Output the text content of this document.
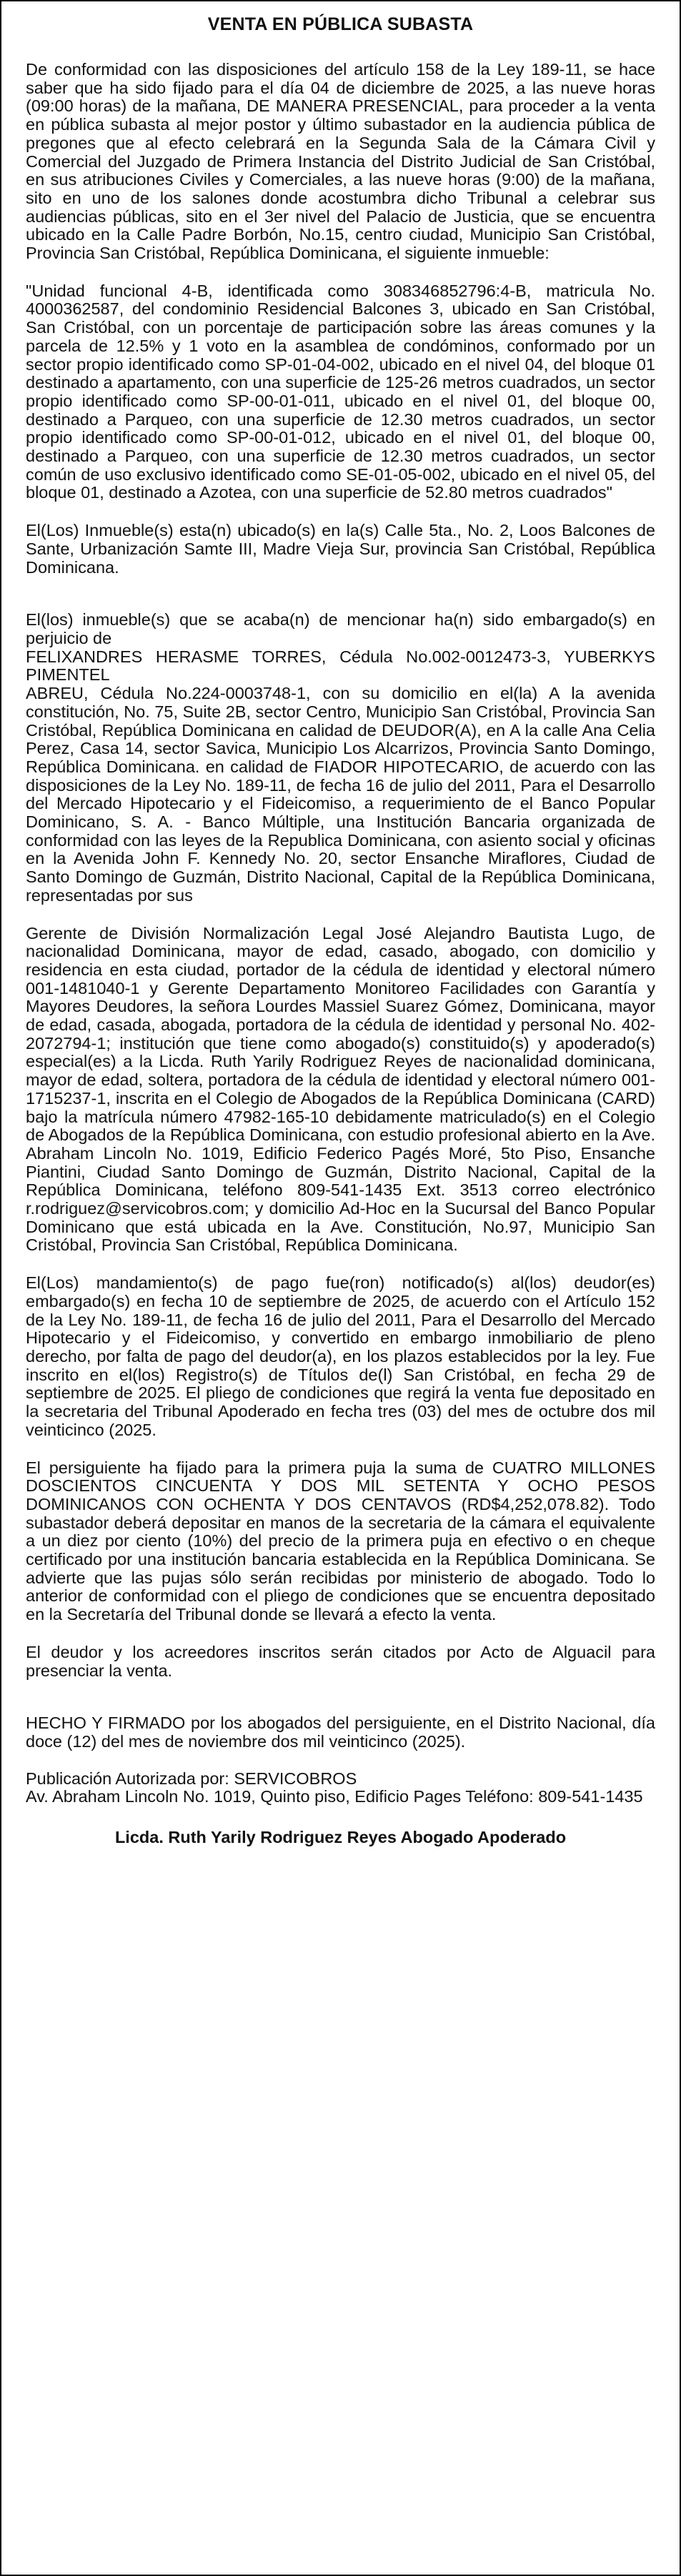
VENTA EN PÚBLICA SUBASTA

De conformidad con las disposiciones del artículo 158 de la Ley 189-11, se hace saber que ha sido fijado para el día 04 de diciembre de 2025, a las nueve horas (09:00 horas) de la mañana, DE MANERA PRESENCIAL, para proceder a la venta en pública subasta al mejor postor y último subastador en la audiencia pública de pregones que al efecto celebrará en la Segunda Sala de la Cámara Civil y Comercial del Juzgado de Primera Instancia del Distrito Judicial de San Cristóbal, en sus atribuciones Civiles y Comerciales, a las nueve horas (9:00) de la mañana, sito en uno de los salones donde acostumbra dicho Tribunal a celebrar sus audiencias públicas, sito en el 3er nivel del Palacio de Justicia, que se encuentra ubicado en la Calle Padre Borbón, No.15, centro ciudad, Municipio San Cristóbal, Provincia San Cristóbal, República Dominicana, el siguiente inmueble:

"Unidad funcional 4-B, identificada como 308346852796:4-B, matricula No. 4000362587, del condominio Residencial Balcones 3, ubicado en San Cristóbal, San Cristóbal, con un porcentaje de participación sobre las áreas comunes y la parcela de 12.5% y 1 voto en la asamblea de condóminos, conformado por un sector propio identificado como SP-01-04-002, ubicado en el nivel 04, del bloque 01 destinado a apartamento, con una superficie de 125-26 metros cuadrados, un sector propio identificado como SP-00-01-011, ubicado en el nivel 01, del bloque 00, destinado a Parqueo, con una superficie de 12.30 metros cuadrados, un sector propio identificado como SP-00-01-012, ubicado en el nivel 01, del bloque 00, destinado a Parqueo, con una superficie de 12.30 metros cuadrados, un sector común de uso exclusivo identificado como SE-01-05-002, ubicado en el nivel 05, del bloque 01, destinado a Azotea, con una superficie de 52.80 metros cuadrados"

El(Los) Inmueble(s) esta(n) ubicado(s) en la(s) Calle 5ta., No. 2, Loos Balcones de Sante, Urbanización Samte III, Madre Vieja Sur, provincia San Cristóbal, República Dominicana.

El(los) inmueble(s) que se acaba(n) de mencionar ha(n) sido embargado(s) en perjuicio de
FELIXANDRES HERASME TORRES, Cédula No.002-0012473-3, YUBERKYS PIMENTEL
ABREU, Cédula No.224-0003748-1, con su domicilio en el(la) A la avenida constitución, No. 75, Suite 2B, sector Centro, Municipio San Cristóbal, Provincia San Cristóbal, República Dominicana en calidad de DEUDOR(A), en A la calle Ana Celia Perez, Casa 14, sector Savica, Municipio Los Alcarrizos, Provincia Santo Domingo, República Dominicana. en calidad de FIADOR HIPOTECARIO, de acuerdo con las disposiciones de la Ley No. 189-11, de fecha 16 de julio del 2011, Para el Desarrollo del Mercado Hipotecario y el Fideicomiso, a requerimiento de el Banco Popular Dominicano, S. A. - Banco Múltiple, una Institución Bancaria organizada de conformidad con las leyes de la Republica Dominicana, con asiento social y oficinas en la Avenida John F. Kennedy No. 20, sector Ensanche Miraflores, Ciudad de Santo Domingo de Guzmán, Distrito Nacional, Capital de la República Dominicana, representadas por sus

Gerente de División Normalización Legal José Alejandro Bautista Lugo, de nacionalidad Dominicana, mayor de edad, casado, abogado, con domicilio y residencia en esta ciudad, portador de la cédula de identidad y electoral número 001-1481040-1 y Gerente Departamento Monitoreo Facilidades con Garantía y Mayores Deudores, la señora Lourdes Massiel Suarez Gómez, Dominicana, mayor de edad, casada, abogada, portadora de la cédula de identidad y personal No. 402-2072794-1; institución que tiene como abogado(s) constituido(s) y apoderado(s) especial(es) a la Licda. Ruth Yarily Rodriguez Reyes de nacionalidad dominicana, mayor de edad, soltera, portadora de la cédula de identidad y electoral número 001-1715237-1, inscrita en el Colegio de Abogados de la República Dominicana (CARD) bajo la matrícula número 47982-165-10 debidamente matriculado(s) en el Colegio de Abogados de la República Dominicana, con estudio profesional abierto en la Ave. Abraham Lincoln No. 1019, Edificio Federico Pagés Moré, 5to Piso, Ensanche Piantini, Ciudad Santo Domingo de Guzmán, Distrito Nacional, Capital de la República Dominicana, teléfono 809-541-1435 Ext. 3513 correo electrónico r.rodriguez@servicobros.com; y domicilio Ad-Hoc en la Sucursal del Banco Popular Dominicano que está ubicada en la Ave. Constitución, No.97, Municipio San Cristóbal, Provincia San Cristóbal, República Dominicana.

El(Los) mandamiento(s) de pago fue(ron) notificado(s) al(los) deudor(es) embargado(s) en fecha 10 de septiembre de 2025, de acuerdo con el Artículo 152 de la Ley No. 189-11, de fecha 16 de julio del 2011, Para el Desarrollo del Mercado Hipotecario y el Fideicomiso, y convertido en embargo inmobiliario de pleno derecho, por falta de pago del deudor(a), en los plazos establecidos por la ley. Fue inscrito en el(los) Registro(s) de Títulos de(l) San Cristóbal, en fecha 29 de septiembre de 2025. El pliego de condiciones que regirá la venta fue depositado en la secretaria del Tribunal Apoderado en fecha tres (03) del mes de octubre dos mil veinticinco (2025.

El persiguiente ha fijado para la primera puja la suma de CUATRO MILLONES DOSCIENTOS CINCUENTA Y DOS MIL SETENTA Y OCHO PESOS DOMINICANOS CON OCHENTA Y DOS CENTAVOS (RD$4,252,078.82). Todo subastador deberá depositar en manos de la secretaria de la cámara el equivalente a un diez por ciento (10%) del precio de la primera puja en efectivo o en cheque certificado por una institución bancaria establecida en la República Dominicana. Se advierte que las pujas sólo serán recibidas por ministerio de abogado. Todo lo anterior de conformidad con el pliego de condiciones que se encuentra depositado en la Secretaría del Tribunal donde se llevará a efecto la venta.

El deudor y los acreedores inscritos serán citados por Acto de Alguacil para presenciar la venta.

HECHO Y FIRMADO por los abogados del persiguiente, en el Distrito Nacional, día doce (12) del mes de noviembre dos mil veinticinco (2025).

Publicación Autorizada por: SERVICOBROS
Av. Abraham Lincoln No. 1019, Quinto piso, Edificio Pages Teléfono: 809-541-1435

Licda. Ruth Yarily Rodriguez Reyes Abogado Apoderado
